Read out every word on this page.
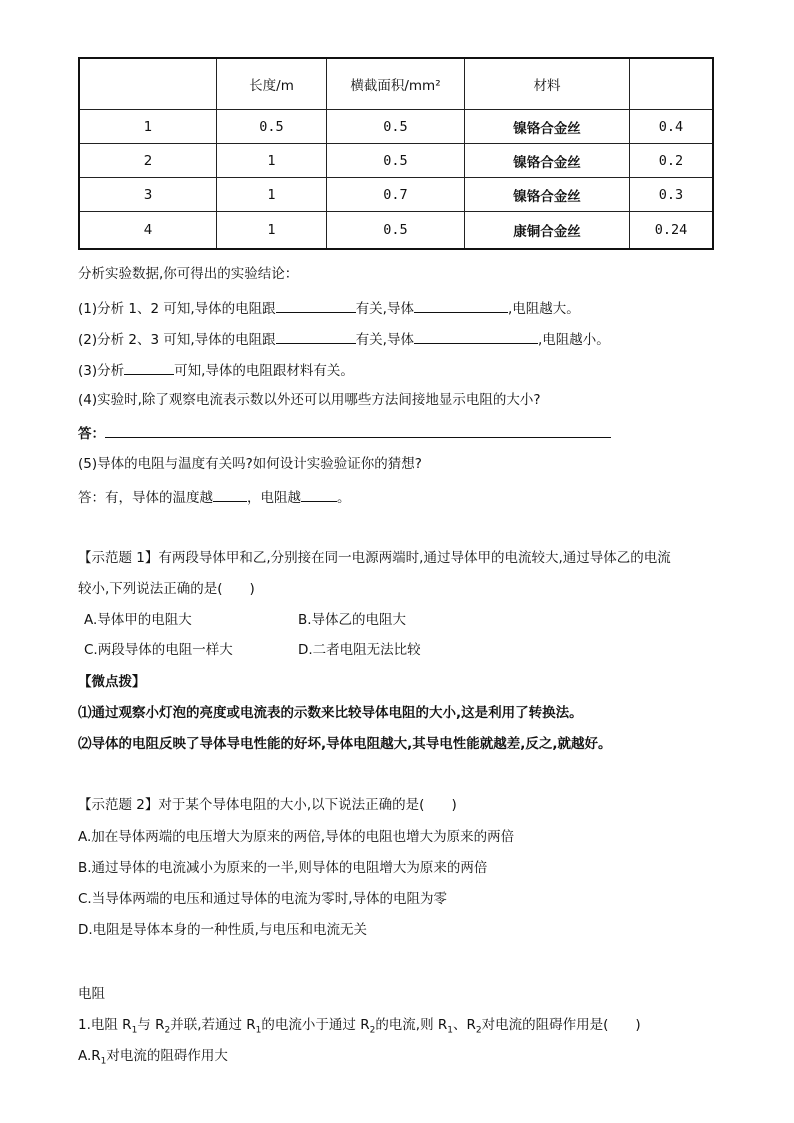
	长度/m	横截面积/mm²	材料	
1	0.5	0.5	镍铬合金丝	0.4
2	1	0.5	镍铬合金丝	0.2
3	1	0.7	镍铬合金丝	0.3
4	1	0.5	康铜合金丝	0.24
分析实验数据,你可得出的实验结论：
(1)分析 1、2 可知,导体的电阻跟	有关,导体	,电阻越大。
(2)分析 2、3 可知,导体的电阻跟	有关,导体	,电阻越小。
(3)分析	可知,导体的电阻跟材料有关。
(4)实验时,除了观察电流表示数以外还可以用哪些方法间接地显示电阻的大小?
答：
(5)导体的电阻与温度有关吗?如何设计实验验证你的猜想?
答：有，导体的温度越	，电阻越	。
【示范题 1】有两段导体甲和乙,分别接在同一电源两端时,通过导体甲的电流较大,通过导体乙的电流
较小,下列说法正确的是(　　)
A.导体甲的电阻大	B.导体乙的电阻大
C.两段导体的电阻一样大	D.二者电阻无法比较
【微点拨】
⑴通过观察小灯泡的亮度或电流表的示数来比较导体电阻的大小,这是利用了转换法。
⑵导体的电阻反映了导体导电性能的好坏,导体电阻越大,其导电性能就越差,反之,就越好。
【示范题 2】对于某个导体电阻的大小,以下说法正确的是(　　)
A.加在导体两端的电压增大为原来的两倍,导体的电阻也增大为原来的两倍
B.通过导体的电流减小为原来的一半,则导体的电阻增大为原来的两倍
C.当导体两端的电压和通过导体的电流为零时,导体的电阻为零
D.电阻是导体本身的一种性质,与电压和电流无关
电阻
1.电阻 $R_1$与 $R_2$并联,若通过 $R_1$的电流小于通过 $R_2$的电流,则 $R_1$、$R_2$对电流的阻碍作用是(　　)
$A.R_1$对电流的阻碍作用大
